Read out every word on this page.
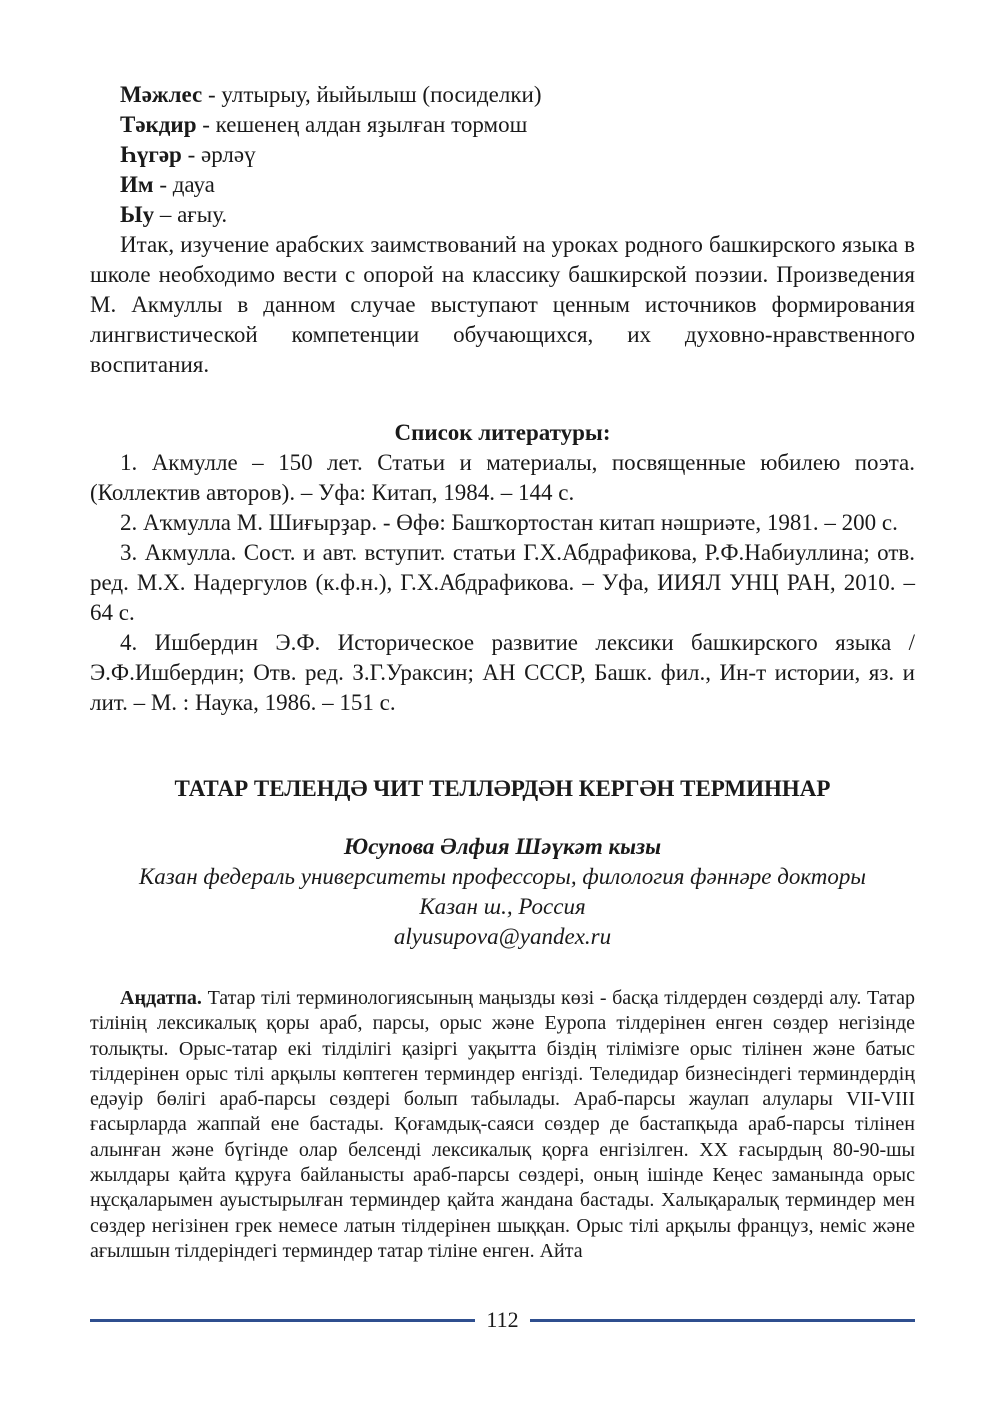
Мәжлес - ултырыу, йыйылыш (посиделки)

Тәкдир - кешенең алдан яҙылған тормош

Һүгәр - әрләү

Им - дауа

Ыу – ағыу.

Итак, изучение арабских заимствований на уроках родного башкирского языка в школе необходимо вести с опорой на классику башкирской поэзии. Произведения М. Акмуллы в данном случае выступают ценным источников формирования лингвистической компетенции обучающихся, их духовно-нравственного воспитания.

Список литературы:

1. Акмулле – 150 лет. Статьи и материалы, посвященные юбилею поэта. (Коллектив авторов). – Уфа: Китап, 1984. – 144 с.

2. Аҡмулла М. Шиғырҙар. - Өфө: Башҡортостан китап нәшриәте, 1981. – 200 с.

3. Акмулла. Сост. и авт. вступит. статьи Г.Х.Абдрафикова, Р.Ф.Набиуллина; отв. ред. М.Х. Надергулов (к.ф.н.), Г.Х.Абдрафикова. – Уфа, ИИЯЛ УНЦ РАН, 2010. – 64 с.

4. Ишбердин Э.Ф. Историческое развитие лексики башкирского языка / Э.Ф.Ишбердин; Отв. ред. З.Г.Ураксин; АН СССР, Башк. фил., Ин-т истории, яз. и лит. – М. : Наука, 1986. – 151 с.

ТАТАР ТЕЛЕНДӘ ЧИТ ТЕЛЛӘРДӘН КЕРГӘН ТЕРМИННАР

Юсупова Әлфия Шәүкәт кызы

Казан федераль университеты профессоры, филология фәннәре докторы

Казан ш., Россия

alyusupova@yandex.ru

Аңдатпа. Татар тілі терминологиясының маңызды көзі - басқа тілдерден сөздерді алу. Татар тілінің лексикалық қоры араб, парсы, орыс және Еуропа тілдерінен енген сөздер негізінде толықты. Орыс-татар екі тілділігі қазіргі уақытта біздің тілімізге орыс тілінен және батыс тілдерінен орыс тілі арқылы көптеген терминдер енгізді. Теледидар бизнесіндегі терминдердің едәуір бөлігі араб-парсы сөздері болып табылады. Араб-парсы жаулап алулары VII-VIII ғасырларда жаппай ене бастады. Қоғамдық-саяси сөздер де бастапқыда араб-парсы тілінен алынған және бүгінде олар белсенді лексикалық қорға енгізілген. XX ғасырдың 80-90-шы жылдары қайта құруға байланысты араб-парсы сөздері, оның ішінде Кеңес заманында орыс нұсқаларымен ауыстырылған терминдер қайта жандана бастады. Халықаралық терминдер мен сөздер негізінен грек немесе латын тілдерінен шыққан. Орыс тілі арқылы француз, неміс және ағылшын тілдеріндегі терминдер татар тіліне енген. Айта

112
